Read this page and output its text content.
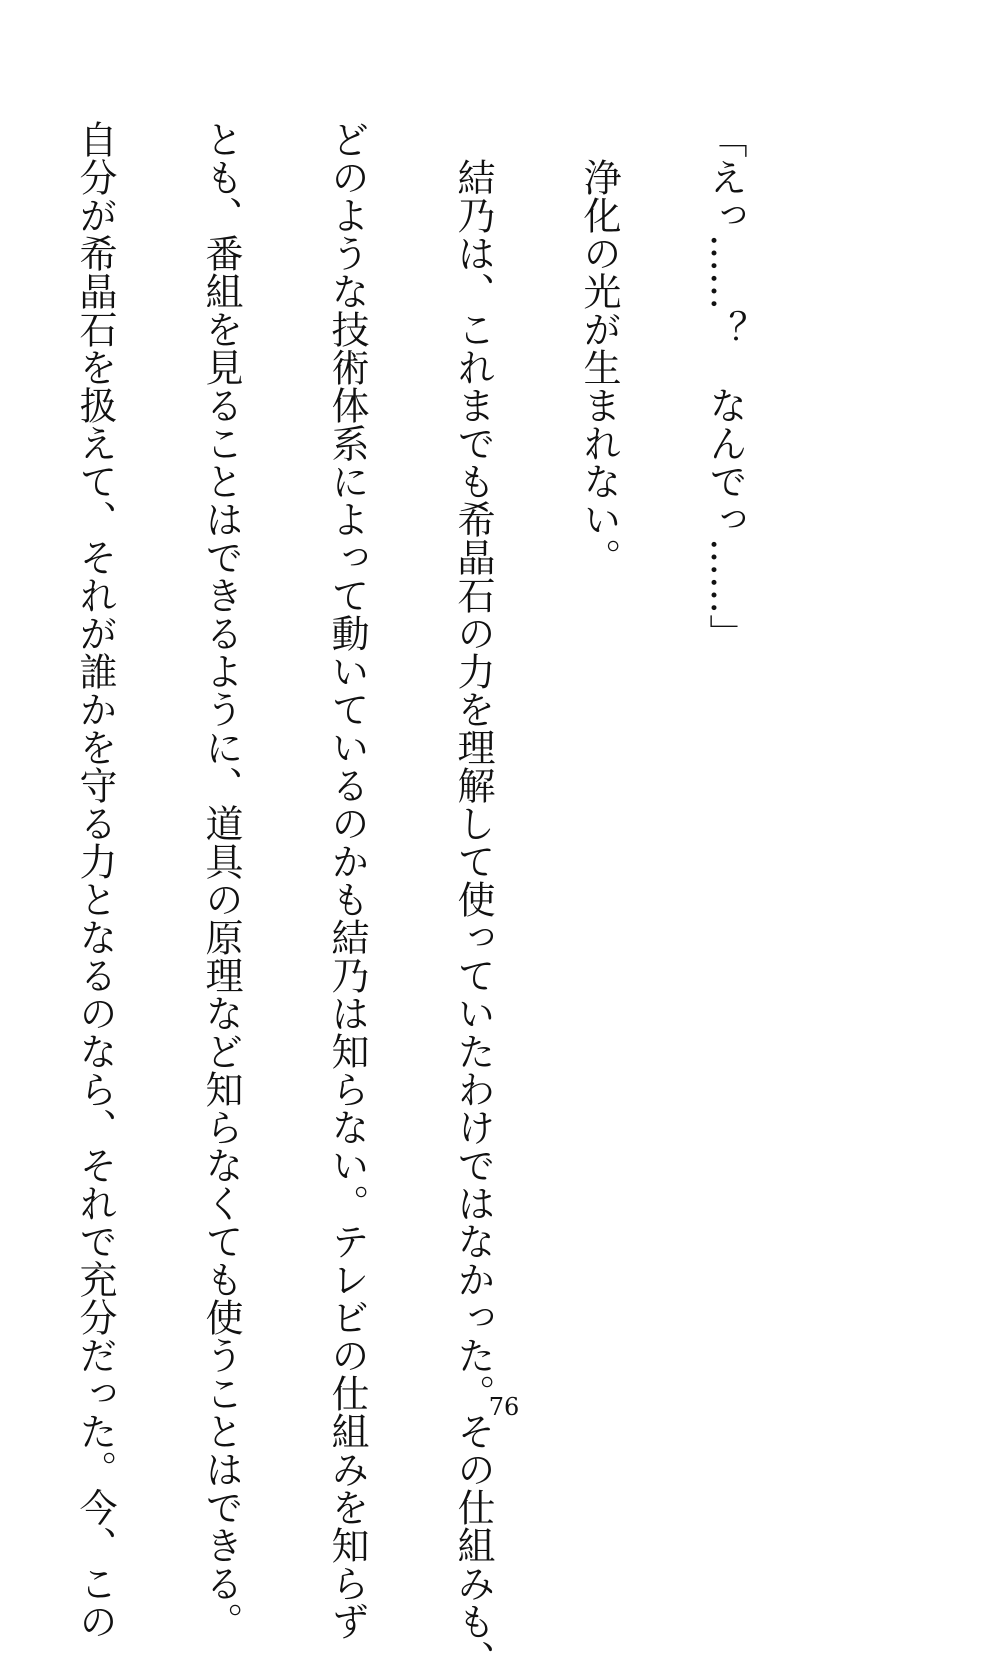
「えっ……？　なんでっ……」

　浄化の光が生まれない。

　結乃は、これまでも希晶石の力を理解して使っていたわけではなかった。その仕組みも、

どのような技術体系によって動いているのかも結乃は知らない。テレビの仕組みを知らず

とも、番組を見ることはできるように、道具の原理など知らなくても使うことはできる。

自分が希晶石を扱えて、それが誰かを守る力となるのなら、それで充分だった。今、この

	76
